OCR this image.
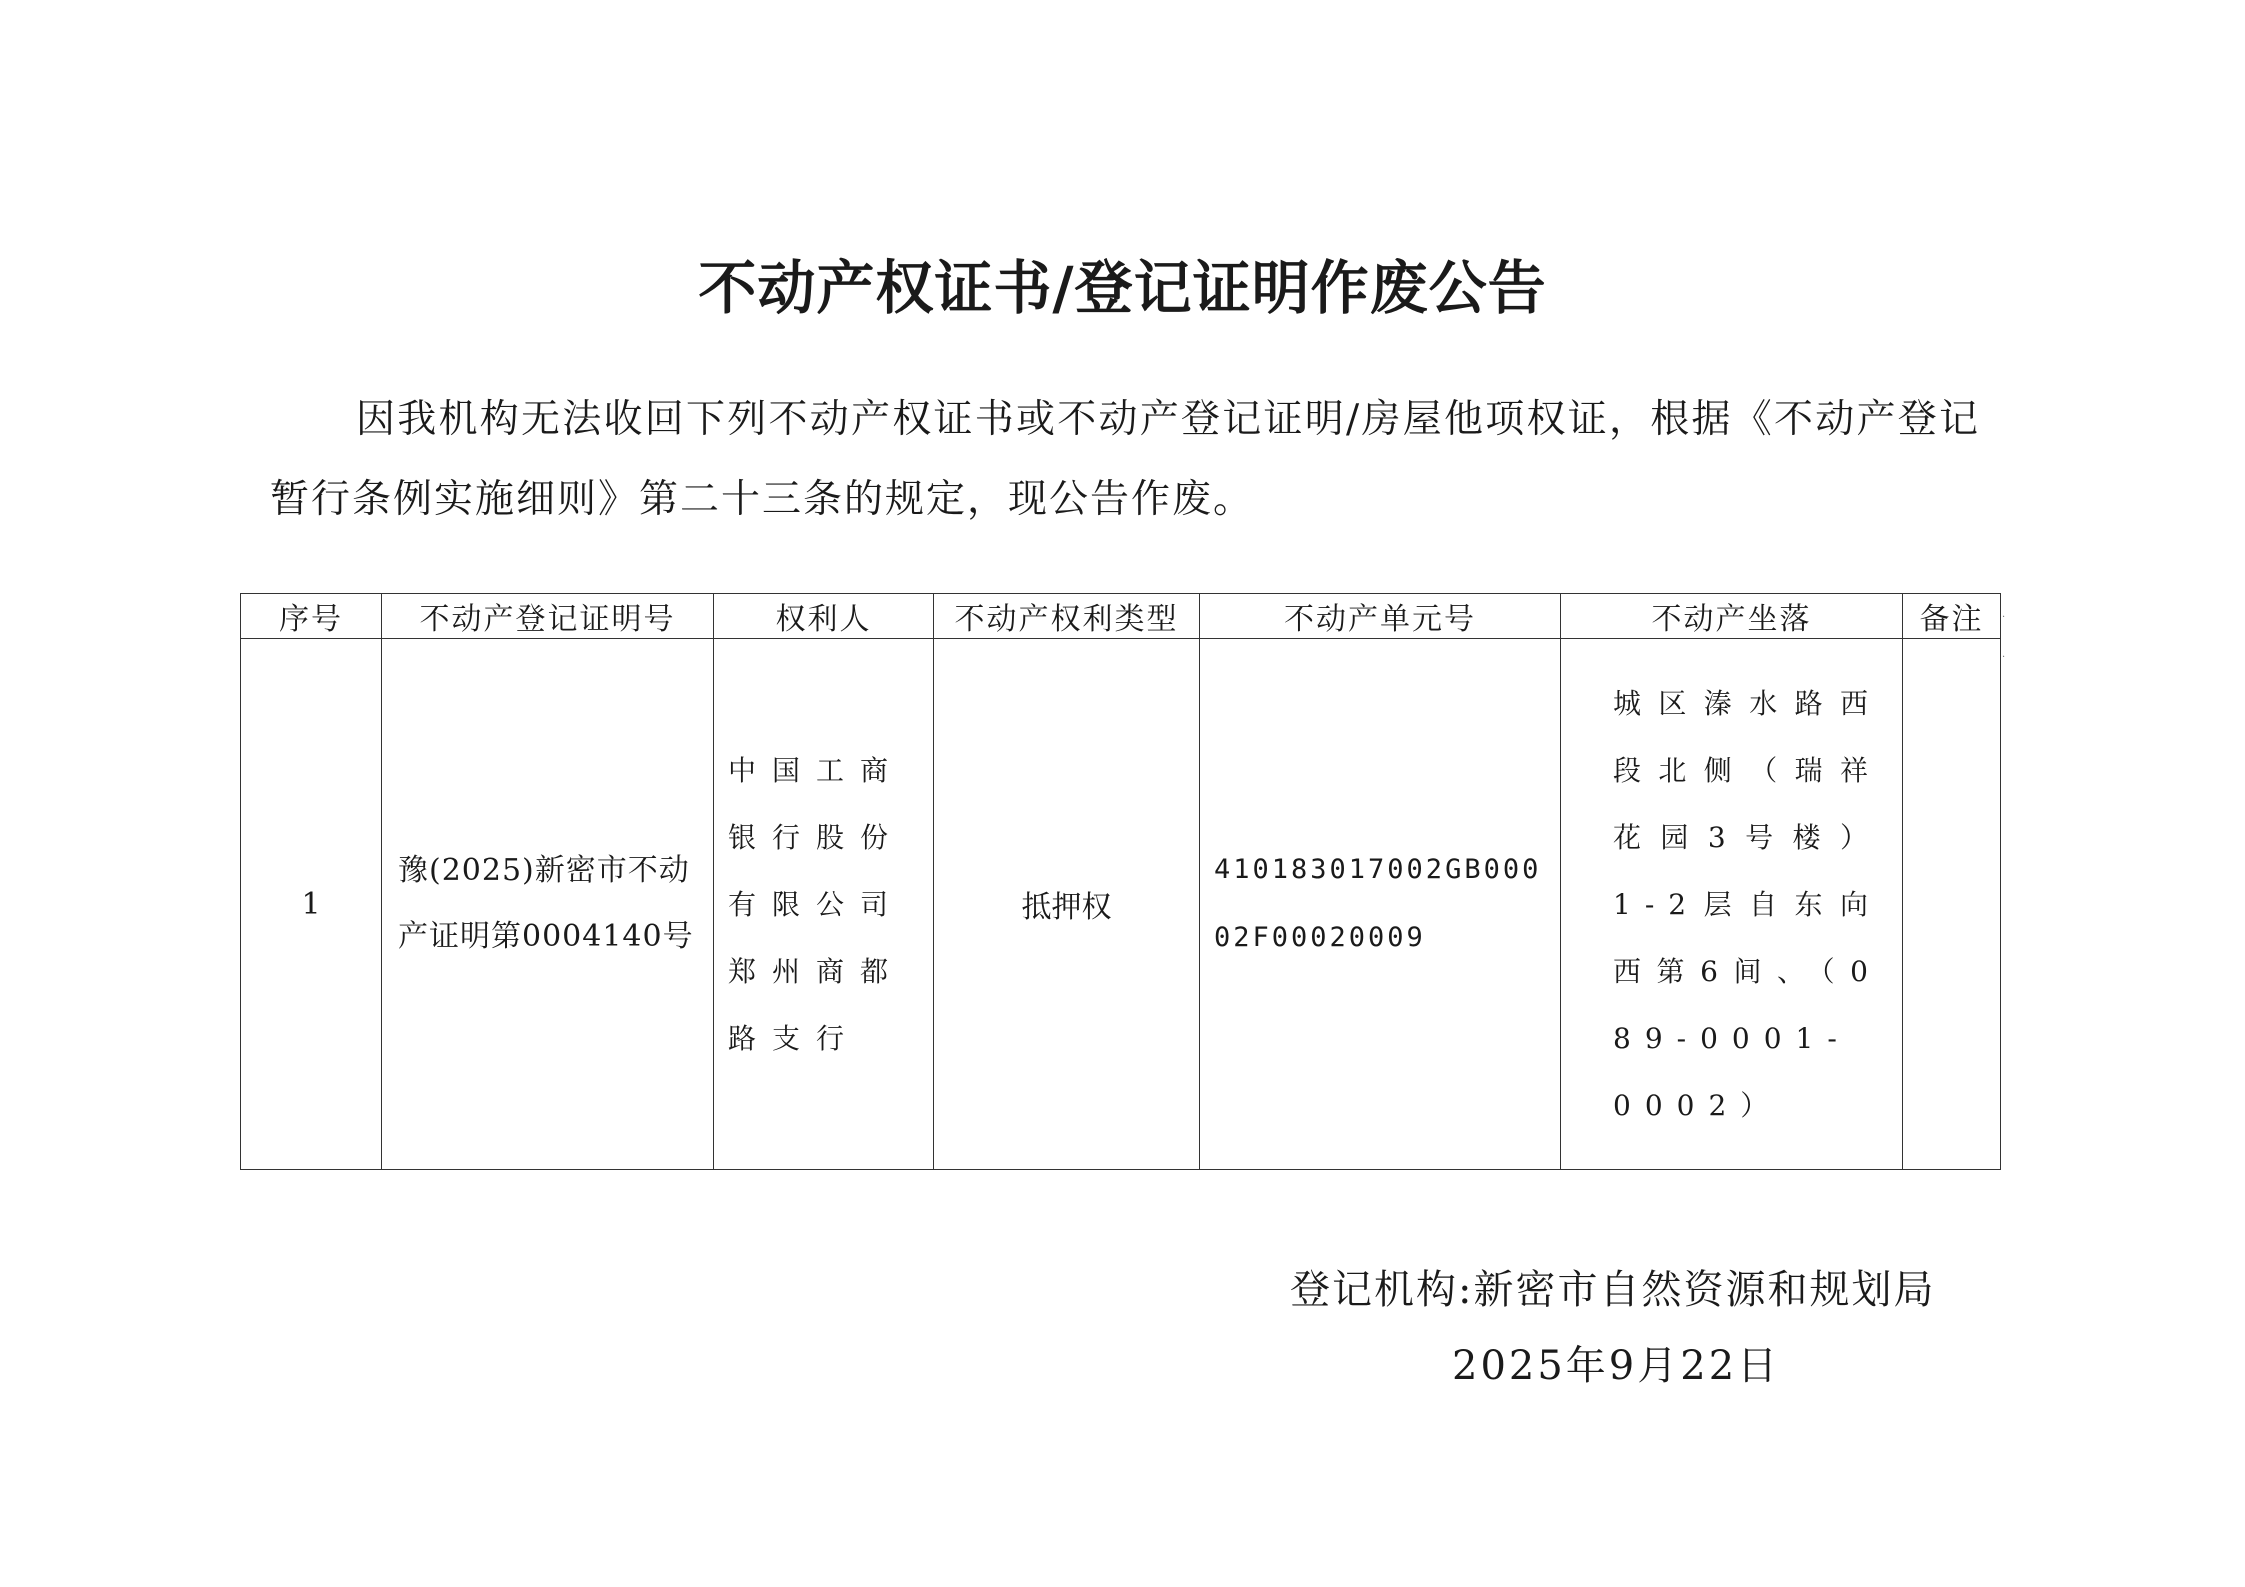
不动产权证书/登记证明作废公告

因我机构无法收回下列不动产权证书或不动产登记证明/房屋他项权证，根据《不动产登记暂行条例实施细则》第二十三条的规定，现公告作废。

序号	不动产登记证明号	权利人	不动产权利类型	不动产单元号	不动产坐落	备注
1	豫(2025)新密市不动产证明第0004140号	中国工商银行股份有限公司郑州商都路支行	抵押权	410183017002GB00002F00020009	城区溱水路西段北侧（瑞祥花园3号楼）1-2层自东向西第6间、（089-0001-0002）	
·
·

登记机构:新密市自然资源和规划局

2025年9月22日
